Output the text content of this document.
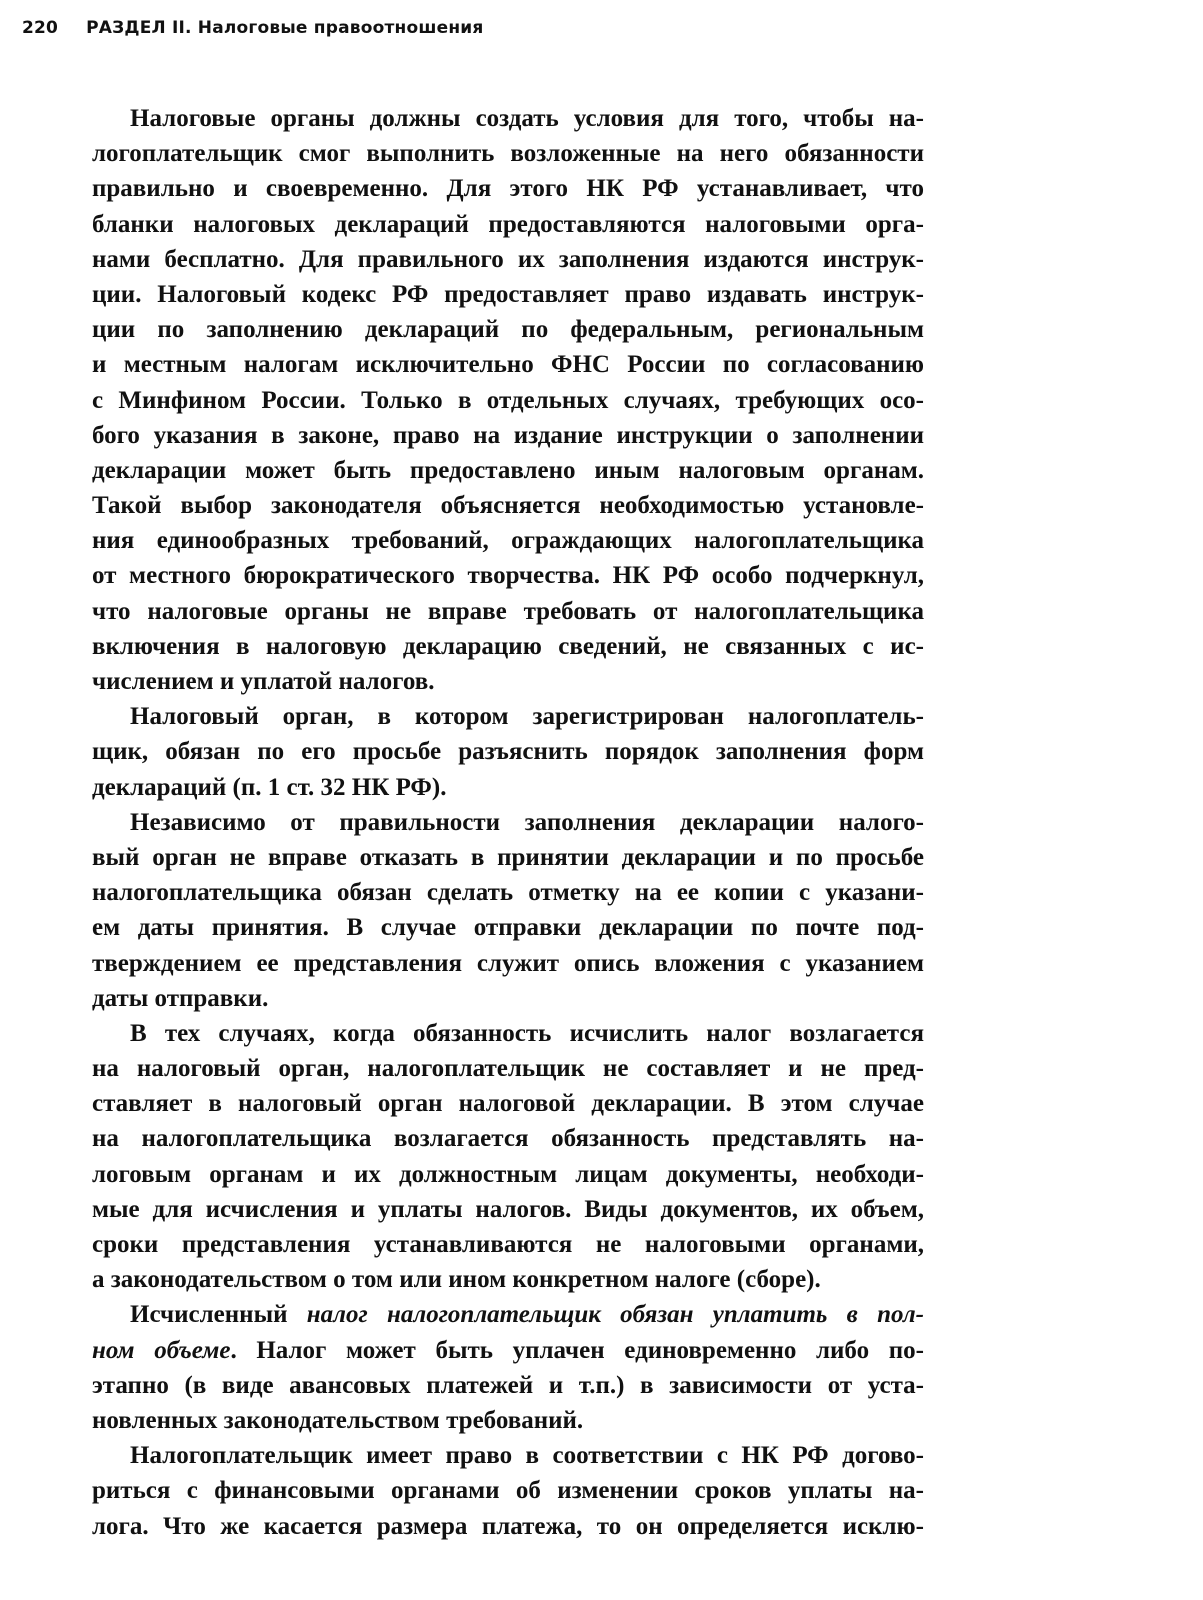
220 РАЗДЕЛ II. Налоговые правоотношения
Налоговые органы должны создать условия для того, чтобы на-
логоплательщик смог выполнить возложенные на него обязанности
правильно и своевременно. Для этого НК РФ устанавливает, что
бланки налоговых деклараций предоставляются налоговыми орга-
нами бесплатно. Для правильного их заполнения издаются инструк-
ции. Налоговый кодекс РФ предоставляет право издавать инструк-
ции по заполнению деклараций по федеральным, региональным
и местным налогам исключительно ФНС России по согласованию
с Минфином России. Только в отдельных случаях, требующих осо-
бого указания в законе, право на издание инструкции о заполнении
декларации может быть предоставлено иным налоговым органам.
Такой выбор законодателя объясняется необходимостью установле-
ния единообразных требований, ограждающих налогоплательщика
от местного бюрократического творчества. НК РФ особо подчеркнул,
что налоговые органы не вправе требовать от налогоплательщика
включения в налоговую декларацию сведений, не связанных с ис-
числением и уплатой налогов.
Налоговый орган, в котором зарегистрирован налогоплатель-
щик, обязан по его просьбе разъяснить порядок заполнения форм
деклараций (п. 1 ст. 32 НК РФ).
Независимо от правильности заполнения декларации налого-
вый орган не вправе отказать в принятии декларации и по просьбе
налогоплательщика обязан сделать отметку на ее копии с указани-
ем даты принятия. В случае отправки декларации по почте под-
тверждением ее представления служит опись вложения с указанием
даты отправки.
В тех случаях, когда обязанность исчислить налог возлагается
на налоговый орган, налогоплательщик не составляет и не пред-
ставляет в налоговый орган налоговой декларации. В этом случае
на налогоплательщика возлагается обязанность представлять на-
логовым органам и их должностным лицам документы, необходи-
мые для исчисления и уплаты налогов. Виды документов, их объем,
сроки представления устанавливаются не налоговыми органами,
а законодательством о том или ином конкретном налоге (сборе).
Исчисленный налог налогоплательщик обязан уплатить в пол-
ном объеме. Налог может быть уплачен единовременно либо по-
этапно (в виде авансовых платежей и т.п.) в зависимости от уста-
новленных законодательством требований.
Налогоплательщик имеет право в соответствии с НК РФ догово-
риться с финансовыми органами об изменении сроков уплаты на-
лога. Что же касается размера платежа, то он определяется исклю-
